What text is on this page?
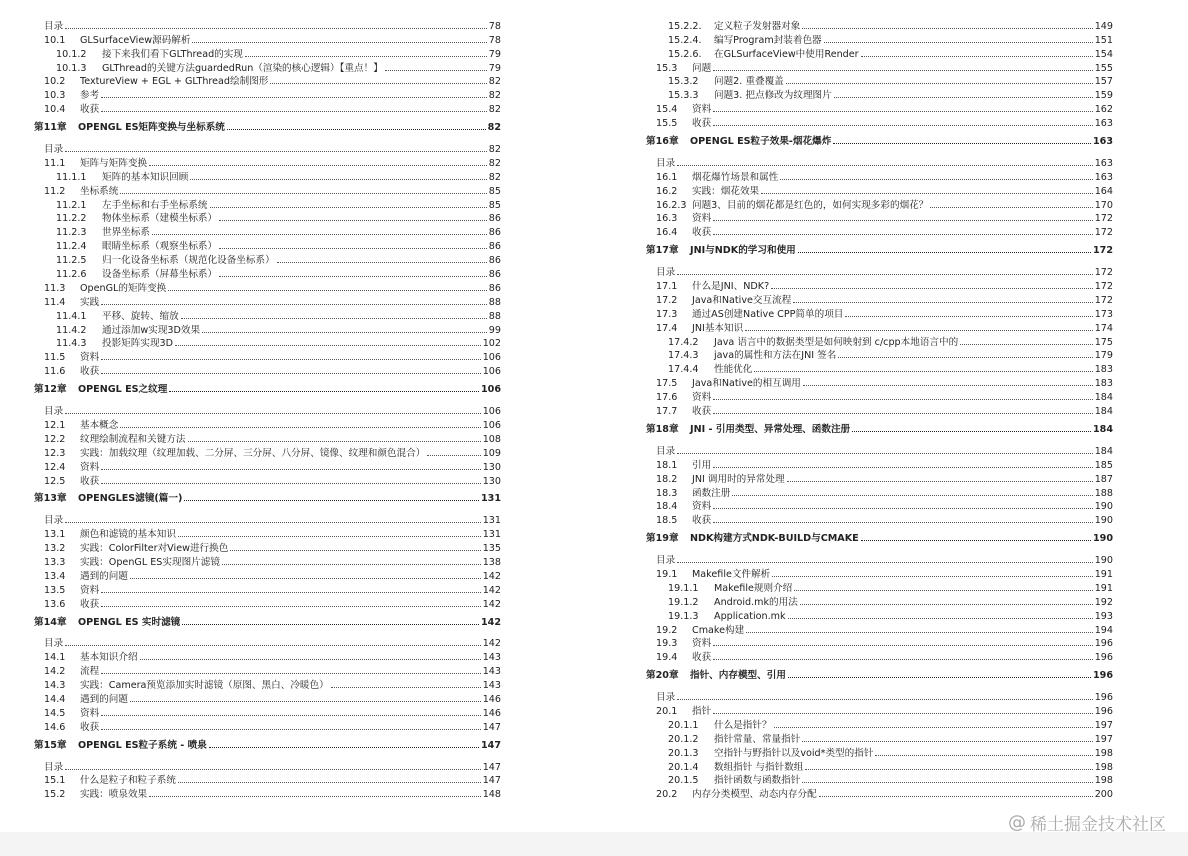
目录	78
10.1	GLSurfaceView源码解析	78
10.1.2	接下来我们看下GLThread的实现	79
10.1.3	GLThread的关键方法guardedRun（渲染的核心逻辑）【重点！】	79
10.2	TextureView + EGL + GLThread绘制图形	82
10.3	参考	82
10.4	收获	82
第11章	OPENGL ES矩阵变换与坐标系统	82
目录	82
11.1	矩阵与矩阵变换	82
11.1.1	矩阵的基本知识回顾	82
11.2	坐标系统	85
11.2.1	左手坐标和右手坐标系统	85
11.2.2	物体坐标系（建模坐标系）	86
11.2.3	世界坐标系	86
11.2.4	眼睛坐标系（观察坐标系）	86
11.2.5	归一化设备坐标系（规范化设备坐标系）	86
11.2.6	设备坐标系（屏幕坐标系）	86
11.3	OpenGL的矩阵变换	86
11.4	实践	88
11.4.1	平移、旋转、缩放	88
11.4.2	通过添加w实现3D效果	99
11.4.3	投影矩阵实现3D	102
11.5	资料	106
11.6	收获	106
第12章	OPENGL ES之纹理	106
目录	106
12.1	基本概念	106
12.2	纹理绘制流程和关键方法	108
12.3	实践：加载纹理（纹理加载、二分屏、三分屏、八分屏、镜像、纹理和颜色混合）	109
12.4	资料	130
12.5	收获	130
第13章	OPENGLES滤镜(篇一)	131
目录	131
13.1	颜色和滤镜的基本知识	131
13.2	实践：ColorFilter对View进行换色	135
13.3	实践：OpenGL ES实现图片滤镜	138
13.4	遇到的问题	142
13.5	资料	142
13.6	收获	142
第14章	OPENGL ES 实时滤镜	142
目录	142
14.1	基本知识介绍	143
14.2	流程	143
14.3	实践：Camera预览添加实时滤镜（原图、黑白、冷暖色）	143
14.4	遇到的问题	146
14.5	资料	146
14.6	收获	147
第15章	OPENGL ES粒子系统 - 喷泉	147
目录	147
15.1	什么是粒子和粒子系统	147
15.2	实践：喷泉效果	148
15.2.2.	定义粒子发射器对象	149
15.2.4.	编写Program封装着色器	151
15.2.6.	在GLSurfaceView中使用Render	154
15.3	问题	155
15.3.2	问题2. 重叠覆盖	157
15.3.3	问题3. 把点修改为纹理图片	159
15.4	资料	162
15.5	收获	163
第16章	OPENGL ES粒子效果-烟花爆炸	163
目录	163
16.1	烟花爆竹场景和属性	163
16.2	实践：烟花效果	164
16.2.3 问题3、目前的烟花都是红色的，如何实现多彩的烟花？	170
16.3	资料	172
16.4	收获	172
第17章	JNI与NDK的学习和使用	172
目录	172
17.1	什么是JNI、NDK?	172
17.2	Java和Native交互流程	172
17.3	通过AS创建Native CPP简单的项目	173
17.4	JNI基本知识	174
17.4.2	Java 语言中的数据类型是如何映射到 c/cpp本地语言中的	175
17.4.3	java的属性和方法在JNI 签名	179
17.4.4	性能优化	183
17.5	Java和Native的相互调用	183
17.6	资料	184
17.7	收获	184
第18章	JNI - 引用类型、异常处理、函数注册	184
目录	184
18.1	引用	185
18.2	JNI 调用时的异常处理	187
18.3	函数注册	188
18.4	资料	190
18.5	收获	190
第19章	NDK构建方式NDK-BUILD与CMAKE	190
目录	190
19.1	Makefile文件解析	191
19.1.1	Makefile规则介绍	191
19.1.2	Android.mk的用法	192
19.1.3	Application.mk	193
19.2	Cmake构建	194
19.3	资料	196
19.4	收获	196
第20章	指针、内存模型、引用	196
目录	196
20.1	指针	196
20.1.1	什么是指针？	197
20.1.2	指针常量、常量指针	197
20.1.3	空指针与野指针以及void*类型的指针	198
20.1.4	数组指针 与指针数组	198
20.1.5	指针函数与函数指针	198
20.2	内存分类模型、动态内存分配	200
@ 稀土掘金技术社区
